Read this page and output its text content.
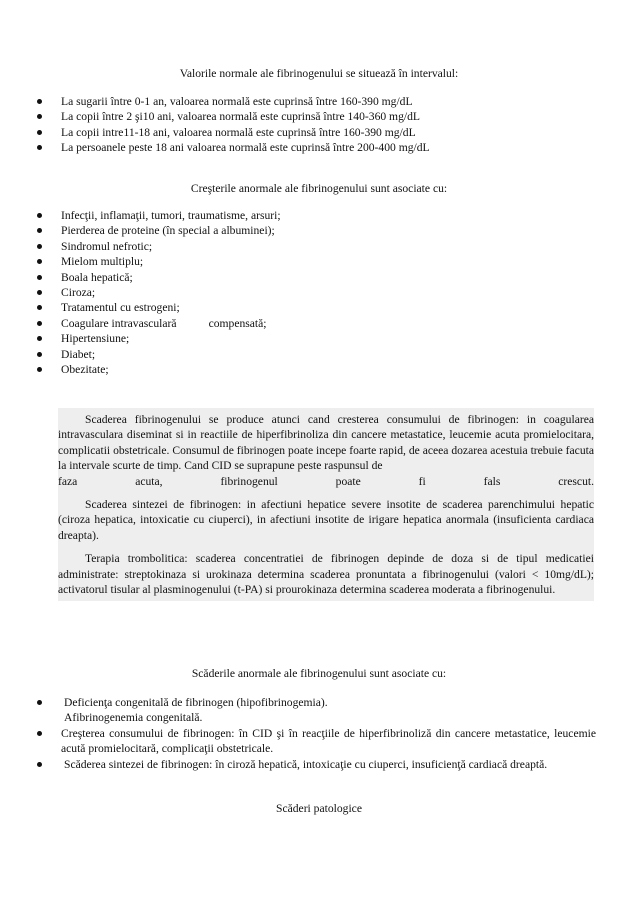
Valorile normale ale fibrinogenului se situează în intervalul:
La sugarii între 0-1 an, valoarea normală este cuprinsă între 160-390 mg/dL
La copii între 2 şi10 ani, valoarea normală este cuprinsă între 140-360 mg/dL
La copii intre11-18 ani, valoarea normală este cuprinsă între 160-390 mg/dL
La persoanele peste 18 ani valoarea normală este cuprinsă între 200-400 mg/dL
Creşterile anormale ale fibrinogenului sunt asociate cu:
Infecţii, inflamaţii, tumori, traumatisme, arsuri;
Pierderea de proteine (în special a albuminei);
Sindromul nefrotic;
Mielom multiplu;
Boala hepatică;
Ciroza;
Tratamentul cu estrogeni;
Coagulare intravasculară	compensată;
Hipertensiune;
Diabet;
Obezitate;

Scaderea fibrinogenului se produce atunci cand cresterea consumului de fibrinogen: in coagularea intravasculara diseminat si in reactiile de hiperfibrinoliza din cancere metastatice, leucemie acuta promielocitara, complicatii obstetricale. Consumul de fibrinogen poate incepe foarte rapid, de aceea dozarea acestuia trebuie facuta la intervale scurte de timp. Cand CID se suprapune peste raspunsul de

faza acuta, fibrinogenul poate fi fals crescut.

Scaderea sintezei de fibrinogen: in afectiuni hepatice severe insotite de scaderea parenchimului hepatic (ciroza hepatica, intoxicatie cu ciuperci), in afectiuni insotite de irigare hepatica anormala (insuficienta cardiaca dreapta).

Terapia trombolitica: scaderea concentratiei de fibrinogen depinde de doza si de tipul medicatiei administrate: streptokinaza si urokinaza determina scaderea pronuntata a fibrinogenului (valori < 10mg/dL); activatorul tisular al plasminogenului (t-PA) si prourokinaza determina scaderea moderata a fibrinogenului.

Scăderile anormale ale fibrinogenului sunt asociate cu:
Deficienţa congenitală de fibrinogen (hipofibrinogemia).
Afibrinogenemia congenitală.
Creşterea consumului de fibrinogen: în CID şi în reacţiile de hiperfibrinoliză din cancere metastatice, leucemie acută promielocitară, complicaţii obstetricale.
Scăderea sintezei de fibrinogen: în ciroză hepatică, intoxicaţie cu ciuperci, insuficienţă cardiacă dreaptă.
Scăderi patologice
